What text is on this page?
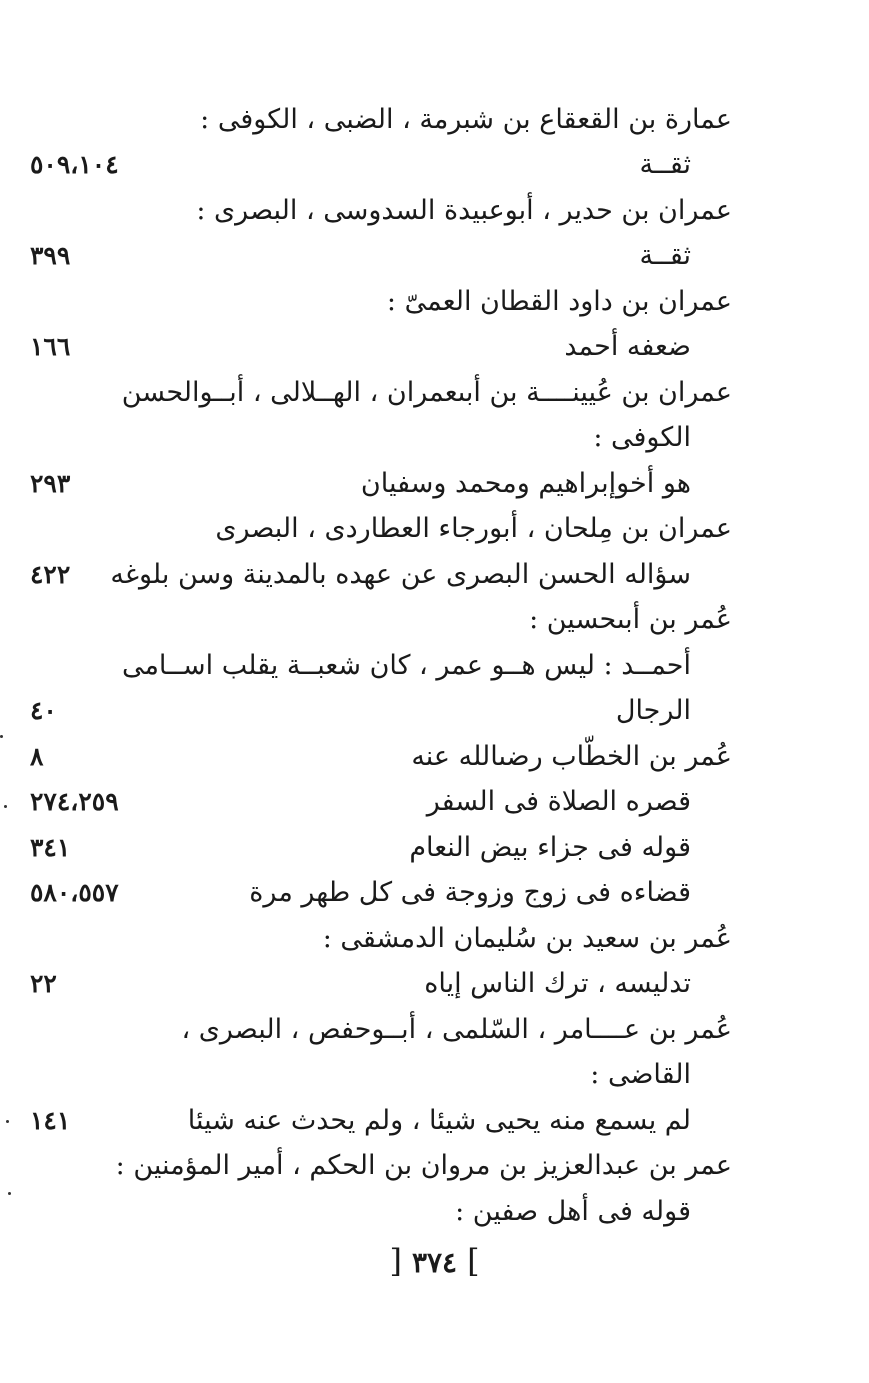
عمارة بن القعقاع بن شبرمة ، الضبى ، الكوفى :
ثقــة
٥٠٩،١٠٤
عمران بن حدير ، أبوعبيدة السدوسى ، البصرى :
ثقــة
٣٩٩
عمران بن داود القطان العمىّ :
ضعفه أحمد
١٦٦
عمران بن عُيينــــة بن أبىعمران ، الهــلالى ، أبــوالحسن
الكوفى :
هو أخوإبراهيم ومحمد وسفيان
٢٩٣
عمران بن مِلحان ، أبورجاء العطاردى ، البصرى
سؤاله الحسن البصرى عن عهده بالمدينة وسن بلوغه
٤٢٢
عُمر بن أبىحسين :
أحمــد : ليس هــو عمر ، كان شعبــة يقلب اســامى
الرجال
٤٠
عُمر بن الخطّاب رضىالله عنه
٨
قصره الصلاة فى السفر
٢٧٤،٢٥٩
قوله فى جزاء بيض النعام
٣٤١
قضاءه فى زوج وزوجة فى كل طهر مرة
٥٨٠،٥٥٧
عُمر بن سعيد بن سُليمان الدمشقى :
تدليسه ، ترك الناس إياه
٢٢
عُمر بن عــــامر ، السّلمى ، أبــوحفص ، البصرى ،
القاضى :
لم يسمع منه يحيى شيئا ، ولم يحدث عنه شيئا
١٤١
عمر بن عبدالعزيز بن مروان بن الحكم ، أمير المؤمنين :
قوله فى أهل صفين :
]٣٧٤[
